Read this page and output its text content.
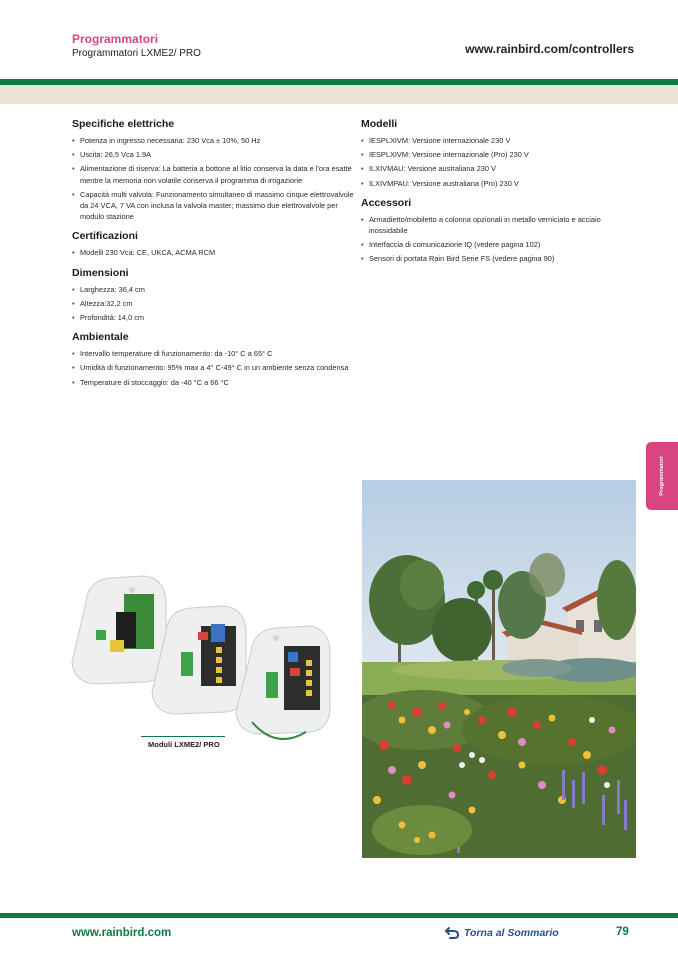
Programmatori
Programmatori LXME2/ PRO	www.rainbird.com/controllers
Specifiche elettriche
• Potenza in ingresso necessaria: 230 Vca ± 10%, 50 Hz
• Uscita: 26,5 Vca 1.9A
• Alimentazione di riserva: La batteria a bottone al litio conserva la data e l'ora esatte mentre la memoria non volatile conserva il programma di irrigazione
• Capacità multi valvola: Funzionamento simultaneo di massimo cinque elettrovalvole da 24 VCA, 7 VA con inclusa la valvola master; massimo due elettrovalvole per modulo stazione
Certificazioni
• Modelli 230 Vca: CE, UKCA, ACMA RCM
Dimensioni
• Larghezza: 36,4 cm
• Altezza:32,2 cm
• Profondità: 14,0 cm
Ambientale
• Intervallo temperature di funzionamento: da -10° C a 65° C
• Umidità di funzionamento: 95% max a 4° C-49° C in un ambiente senza condensa
• Temperature di stoccaggio: da -40 °C a 66 °C
Modelli
• IESPLXIVM: Versione internazionale 230 V
• IESPLXIVM: Versione internazionale (Pro) 230 V
• ILXIVMAU: Versione australiana 230 V
• ILXIVMPAU: Versione australiana (Pro) 230 V
Accessori
• Armadietto/mobiletto a colonna opzionali in metallo verniciato e acciaio inossidabile
• Interfaccia di comunicazione IQ (vedere pagina 102)
• Sensori di portata Rain Bird Serie FS (vedere pagina 90)
Programmatori
Moduli LXME2/ PRO
www.rainbird.com	Torna al Sommario	79
